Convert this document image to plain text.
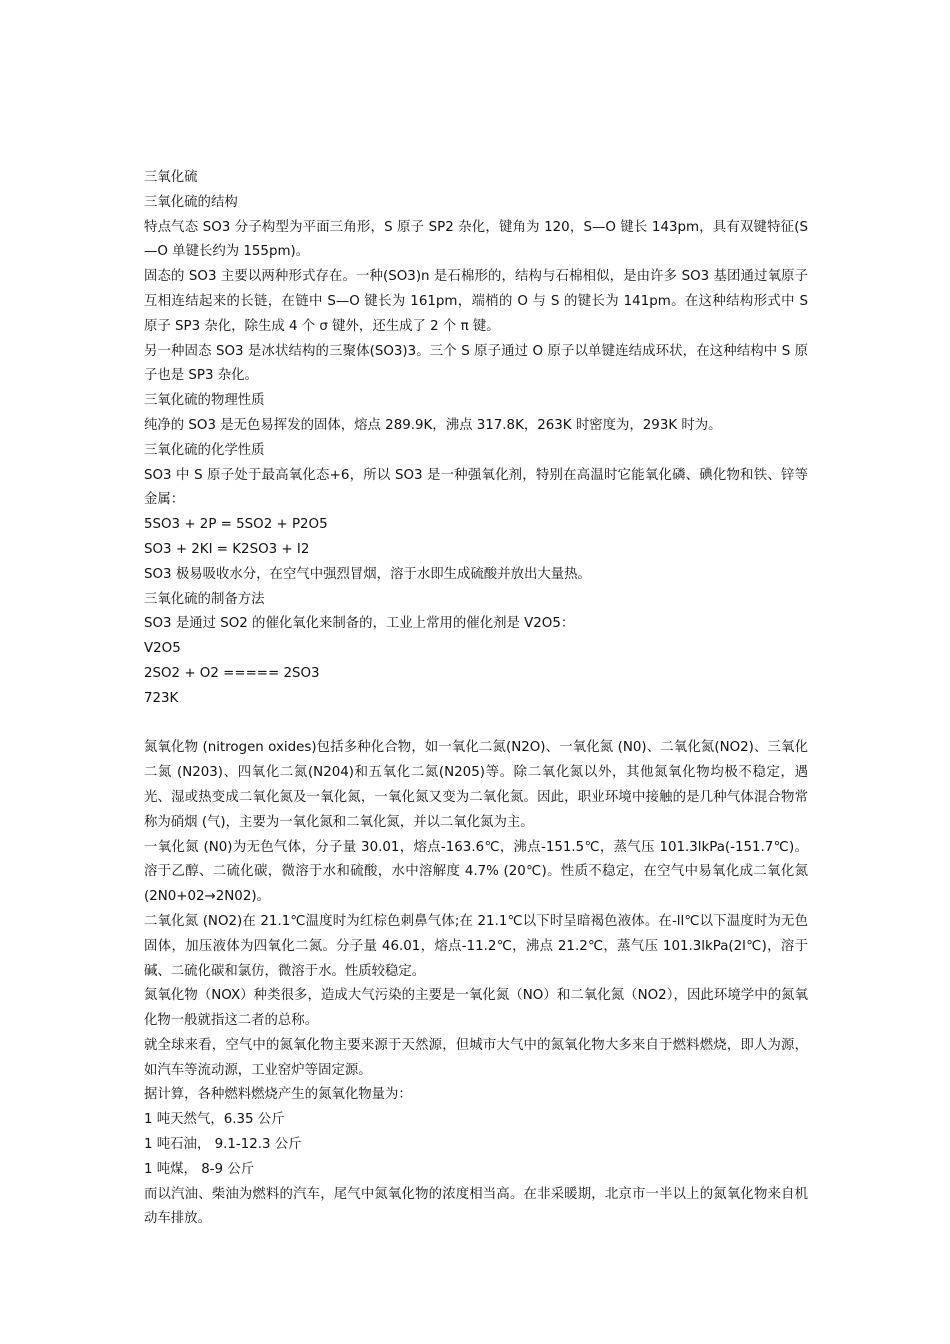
三氧化硫

三氧化硫的结构

特点气态 SO3 分子构型为平面三角形，S 原子 SP2 杂化，键角为 120，S—O 键长 143pm，具有双键特征(S—O 单键长约为 155pm)。

固态的 SO3 主要以两种形式存在。一种(SO3)n 是石棉形的，结构与石棉相似，是由许多 SO3 基团通过氧原子互相连结起来的长链，在链中 S—O 键长为 161pm，端梢的 O 与 S 的键长为 141pm。在这种结构形式中 S 原子 SP3 杂化，除生成 4 个 σ 键外，还生成了 2 个 π 键。

另一种固态 SO3 是冰状结构的三聚体(SO3)3。三个 S 原子通过 O 原子以单键连结成环状，在这种结构中 S 原子也是 SP3 杂化。

三氧化硫的物理性质

纯净的 SO3 是无色易挥发的固体，熔点 289.9K，沸点 317.8K，263K 时密度为，293K 时为。

三氧化硫的化学性质

SO3 中 S 原子处于最高氧化态+6，所以 SO3 是一种强氧化剂，特别在高温时它能氧化磷、碘化物和铁、锌等金属：

5SO3 + 2P = 5SO2 + P2O5

SO3 + 2KI = K2SO3 + I2

SO3 极易吸收水分，在空气中强烈冒烟，溶于水即生成硫酸并放出大量热。

三氧化硫的制备方法

SO3 是通过 SO2 的催化氧化来制备的，工业上常用的催化剂是 V2O5：

V2O5

2SO2 + O2 ===== 2SO3

723K

氮氧化物 (nitrogen oxides)包括多种化合物，如一氧化二氮(N2O)、一氧化氮 (N0)、二氧化氮(NO2)、三氧化二氮 (N203)、四氧化二氮(N204)和五氧化二氮(N205)等。除二氧化氮以外，其他氮氧化物均极不稳定，遇光、湿或热变成二氧化氮及一氧化氮，一氧化氮又变为二氧化氮。因此，职业环境中接触的是几种气体混合物常称为硝烟 (气)，主要为一氧化氮和二氧化氮，并以二氧化氮为主。

一氧化氮 (N0)为无色气体，分子量 30.01，熔点-163.6℃，沸点-151.5℃，蒸气压 101.3lkPa(-151.7℃)。溶于乙醇、二硫化碳，微溶于水和硫酸，水中溶解度 4.7% (20℃)。性质不稳定，在空气中易氧化成二氧化氮 (2N0+02→2N02)。

二氧化氮 (NO2)在 21.1℃温度时为红棕色刺鼻气体;在 21.1℃以下时呈暗褐色液体。在-ll℃以下温度时为无色固体，加压液体为四氧化二氮。分子量 46.01，熔点-11.2℃，沸点 21.2℃，蒸气压 101.3lkPa(2l℃)，溶于碱、二硫化碳和氯仿，微溶于水。性质较稳定。

氮氧化物（NOX）种类很多，造成大气污染的主要是一氧化氮（NO）和二氧化氮（NO2），因此环境学中的氮氧化物一般就指这二者的总称。

就全球来看，空气中的氮氧化物主要来源于天然源，但城市大气中的氮氧化物大多来自于燃料燃烧，即人为源，如汽车等流动源，工业窑炉等固定源。

据计算，各种燃料燃烧产生的氮氧化物量为：

1 吨天然气，6.35 公斤

1 吨石油， 9.1-12.3 公斤

1 吨煤， 8-9 公斤

而以汽油、柴油为燃料的汽车，尾气中氮氧化物的浓度相当高。在非采暖期，北京市一半以上的氮氧化物来自机动车排放。
